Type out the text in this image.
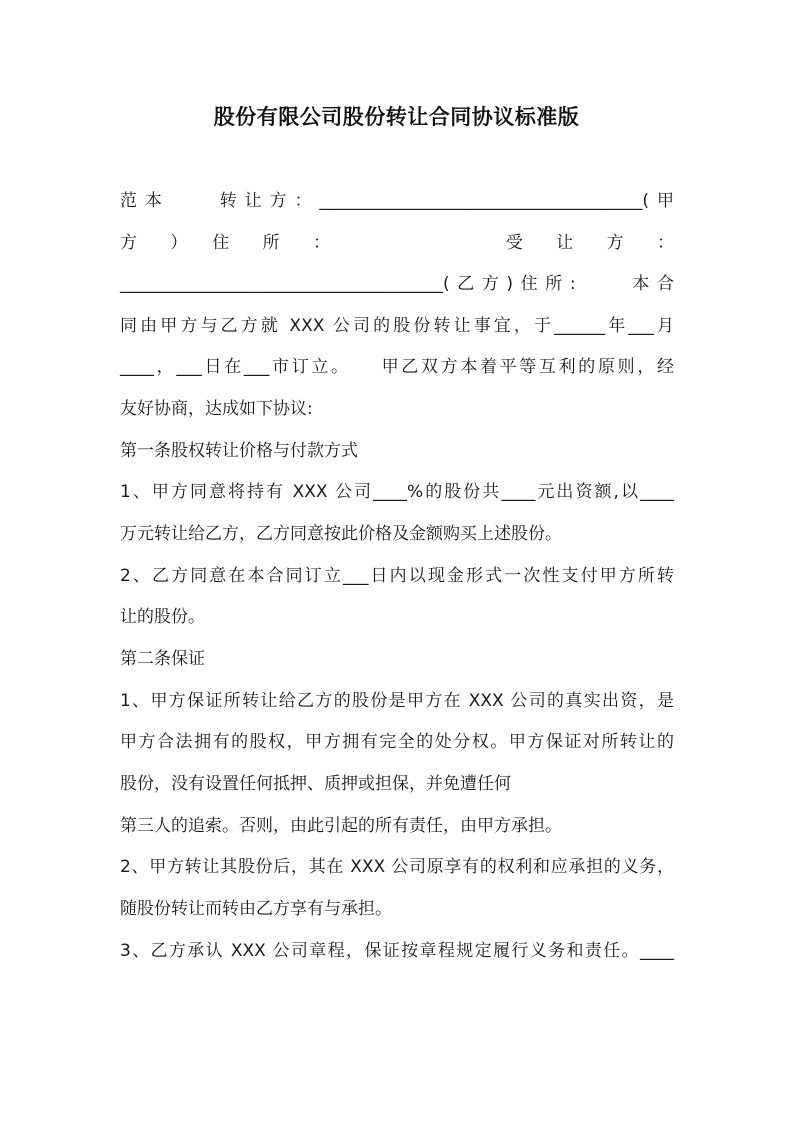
股份有限公司股份转让合同协议标准版
范本　　转让方：______________________________________(甲
方　）　住　所　：　　　　　　　受　让　方　：
______________________________________(乙方)住所:　　本合
同由甲方与乙方就 XXX 公司的股份转让事宜，于______年___月
____，___日在___市订立。　　甲乙双方本着平等互利的原则，经
友好协商，达成如下协议:
第一条股权转让价格与付款方式
1、甲方同意将持有 XXX 公司____%的股份共____元出资额,以____
万元转让给乙方，乙方同意按此价格及金额购买上述股份。
2、乙方同意在本合同订立___日内以现金形式一次性支付甲方所转
让的股份。
第二条保证
1、甲方保证所转让给乙方的股份是甲方在 XXX 公司的真实出资，是
甲方合法拥有的股权，甲方拥有完全的处分权。甲方保证对所转让的
股份，没有设置任何抵押、质押或担保，并免遭任何
第三人的追索。否则，由此引起的所有责任，由甲方承担。
2、甲方转让其股份后，其在 XXX 公司原享有的权利和应承担的义务，
随股份转让而转由乙方享有与承担。
3、乙方承认 XXX 公司章程，保证按章程规定履行义务和责任。____
